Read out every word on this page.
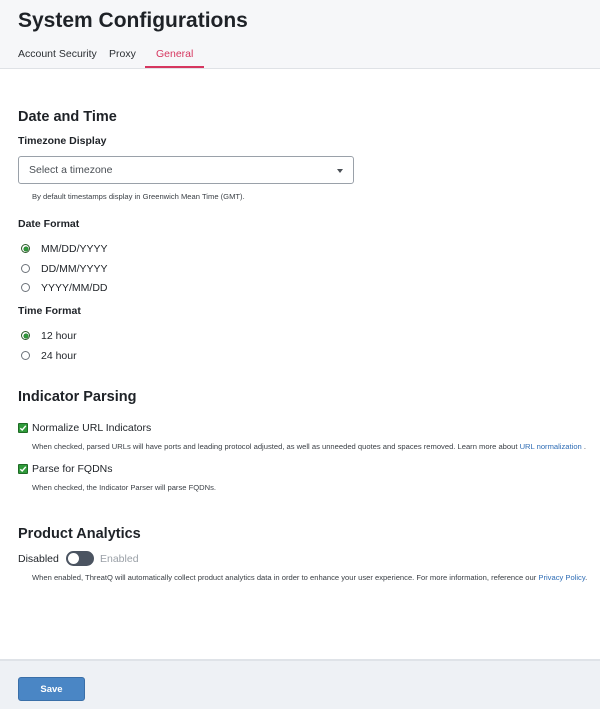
System Configurations
Account Security Proxy General
Date and Time
Timezone Display
Select a timezone
By default timestamps display in Greenwich Mean Time (GMT).
Date Format
MM/DD/YYYY
DD/MM/YYYY
YYYY/MM/DD
Time Format
12 hour
24 hour
Indicator Parsing
Normalize URL Indicators
When checked, parsed URLs will have ports and leading protocol adjusted, as well as unneeded quotes and spaces removed. Learn more about URL normalization .
Parse for FQDNs
When checked, the Indicator Parser will parse FQDNs.
Product Analytics
Disabled	Enabled
When enabled, ThreatQ will automatically collect product analytics data in order to enhance your user experience. For more information, reference our Privacy Policy.
Save
